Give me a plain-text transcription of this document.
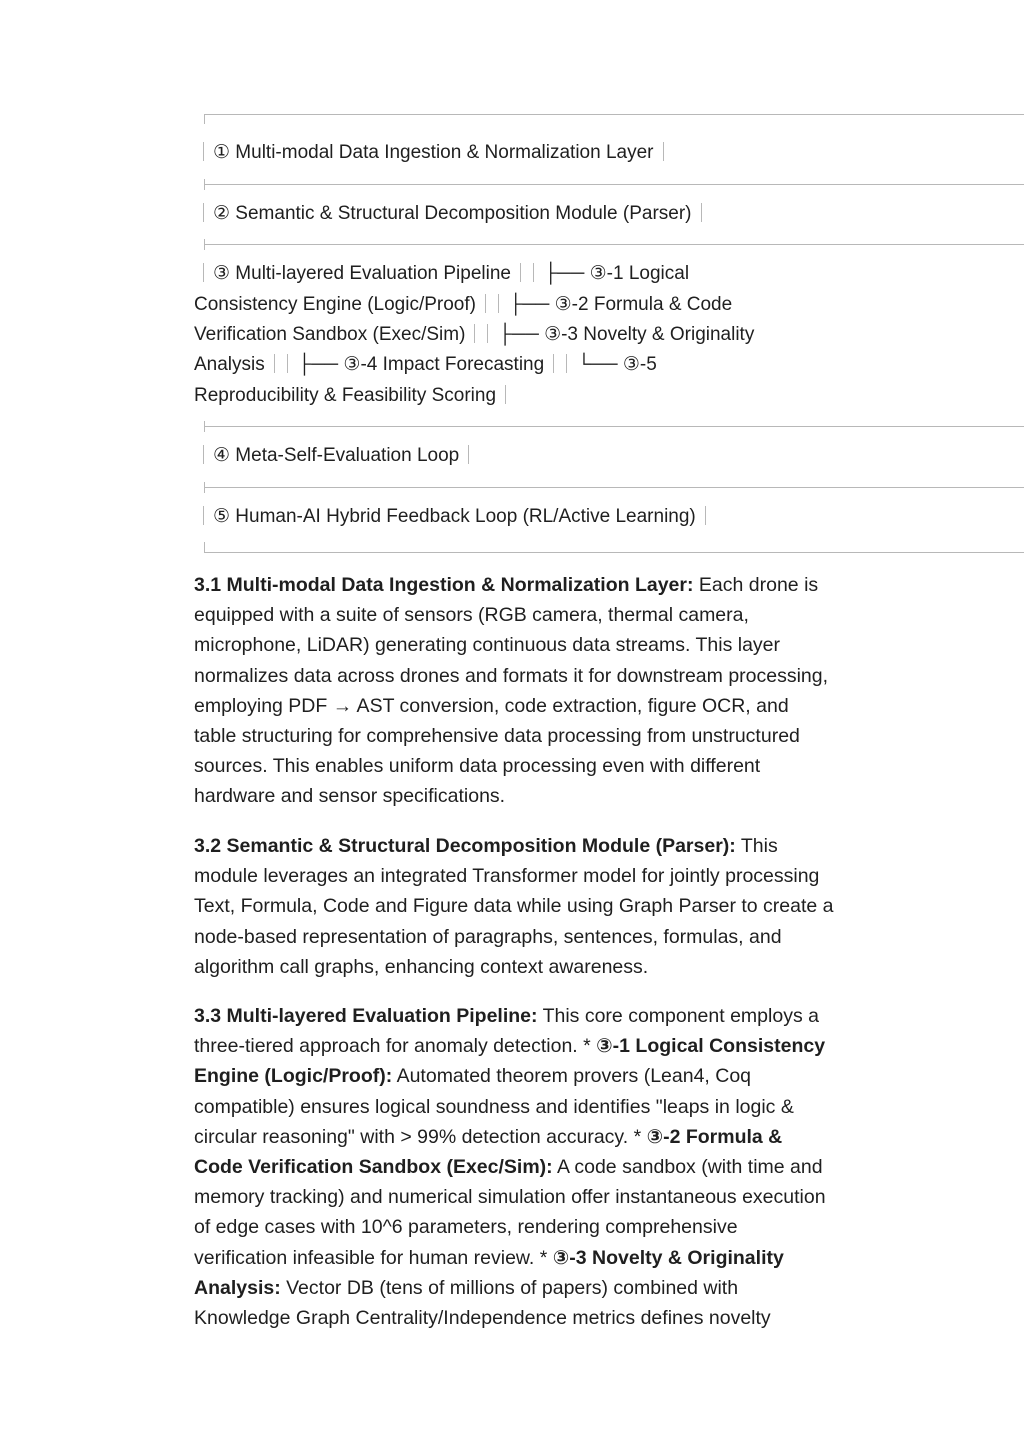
① Multi-modal Data Ingestion & Normalization Layer
② Semantic & Structural Decomposition Module (Parser)
③ Multi-layered Evaluation Pipeline ├── ③-1 Logical
Consistency Engine (Logic/Proof) ├── ③-2 Formula & Code
Verification Sandbox (Exec/Sim) ├── ③-3 Novelty & Originality
Analysis ├── ③-4 Impact Forecasting └── ③-5
Reproducibility & Feasibility Scoring
④ Meta-Self-Evaluation Loop
⑤ Human-AI Hybrid Feedback Loop (RL/Active Learning)

3.1 Multi-modal Data Ingestion & Normalization Layer: Each drone is equipped with a suite of sensors (RGB camera, thermal camera, microphone, LiDAR) generating continuous data streams. This layer normalizes data across drones and formats it for downstream processing, employing PDF → AST conversion, code extraction, figure OCR, and table structuring for comprehensive data processing from unstructured sources. This enables uniform data processing even with different hardware and sensor specifications.

3.2 Semantic & Structural Decomposition Module (Parser): This module leverages an integrated Transformer model for jointly processing Text, Formula, Code and Figure data while using Graph Parser to create a node-based representation of paragraphs, sentences, formulas, and algorithm call graphs, enhancing context awareness.

3.3 Multi-layered Evaluation Pipeline: This core component employs a three-tiered approach for anomaly detection. * ③-1 Logical Consistency Engine (Logic/Proof): Automated theorem provers (Lean4, Coq compatible) ensures logical soundness and identifies "leaps in logic & circular reasoning" with > 99% detection accuracy. * ③-2 Formula & Code Verification Sandbox (Exec/Sim): A code sandbox (with time and memory tracking) and numerical simulation offer instantaneous execution of edge cases with 10^6 parameters, rendering comprehensive verification infeasible for human review. * ③-3 Novelty & Originality Analysis: Vector DB (tens of millions of papers) combined with Knowledge Graph Centrality/Independence metrics defines novelty
